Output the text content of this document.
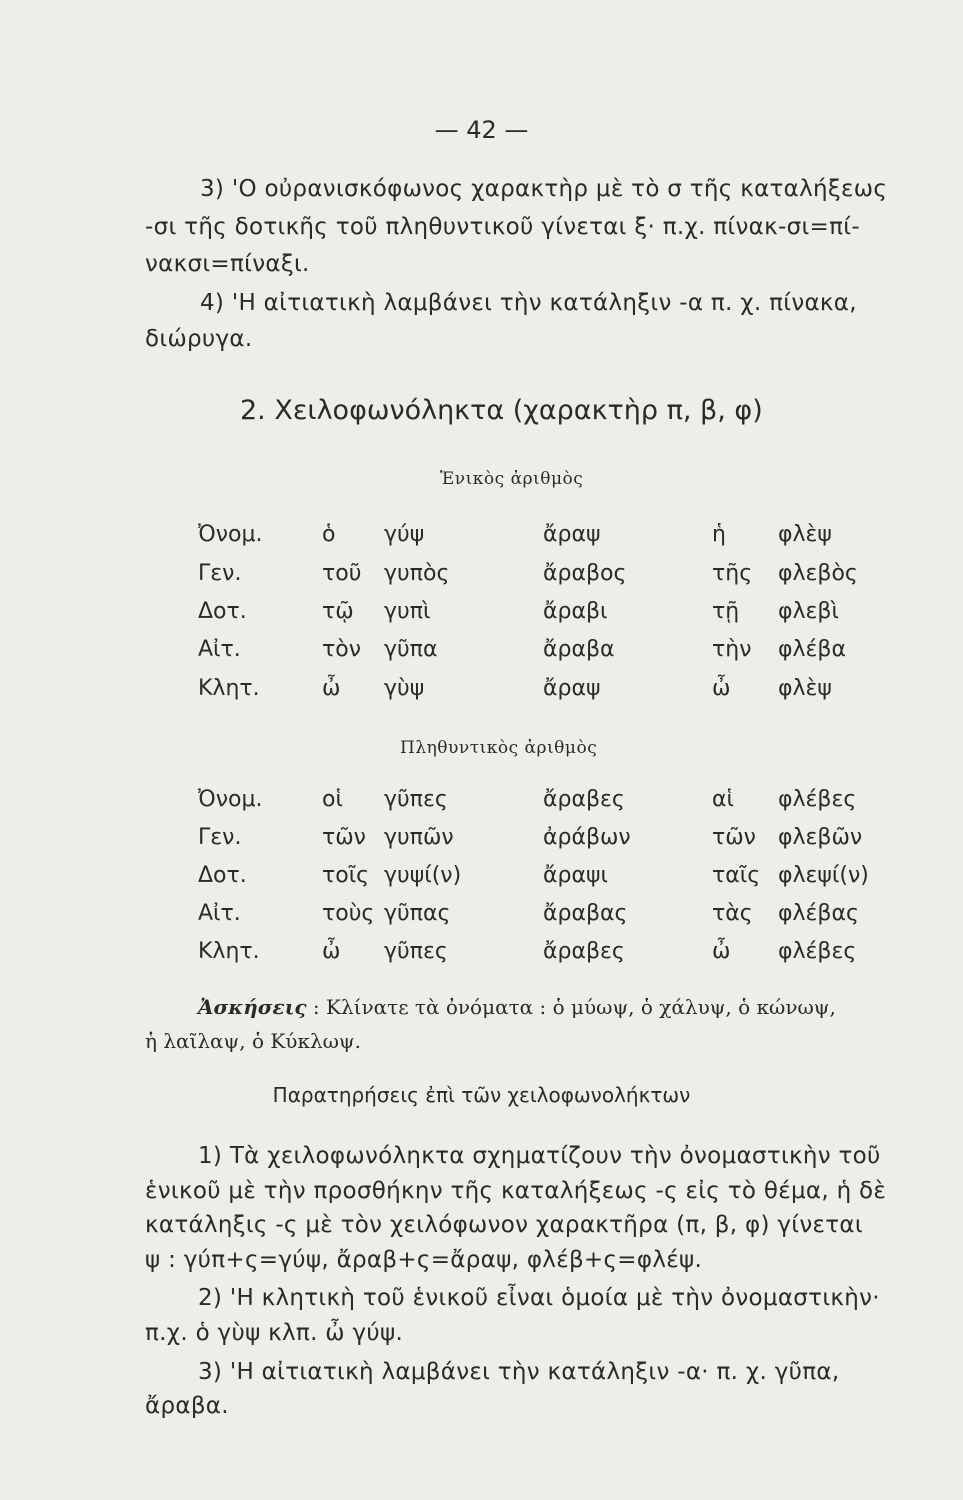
— 42 —
3) 'Ο οὐρανισκόφωνος χαρακτὴρ μὲ τὸ σ τῆς καταλήξεως
-σι τῆς δοτικῆς τοῦ πληθυντικοῦ γίνεται ξ· π.χ. πίνακ-σι=πί-
νακσι=πίναξι.
4) 'Η αἰτιατικὴ λαμβάνει τὴν κατάληξιν -α π. χ. πίνακα,
διώρυγα.
2. Χειλοφωνόληκτα (χαρακτὴρ π, β, φ)
Ἑνικὸς ἀριθμὸς
Ὀνομ.	ὁ γύψ	ἄραψ	ἡ φλὲψ
Γεν.	τοῦ γυπὸς	ἄραβος	τῆς φλεβὸς
Δοτ.	τῷ γυπὶ	ἄραβι	τῇ φλεβὶ
Αἰτ.	τὸν γῦπα	ἄραβα	τὴν φλέβα
Κλητ.	ὦ γὺψ	ἄραψ	ὦ φλὲψ
Πληθυντικὸς ἀριθμὸς
Ὀνομ.	οἱ γῦπες	ἄραβες	αἱ φλέβες
Γεν.	τῶν γυπῶν	ἀράβων	τῶν φλεβῶν
Δοτ.	τοῖς γυψί(ν)	ἄραψι	ταῖς φλεψί(ν)
Αἰτ.	τοὺς γῦπας	ἄραβας	τὰς φλέβας
Κλητ.	ὦ γῦπες	ἄραβες	ὦ φλέβες
Ἀσκήσεις : Κλίνατε τὰ ὀνόματα : ὁ μύωψ, ὁ χάλυψ, ὁ κώνωψ,
ἡ λαῖλαψ, ὁ Κύκλωψ.
Παρατηρήσεις ἐπὶ τῶν χειλοφωνολήκτων
1) Τὰ χειλοφωνόληκτα σχηματίζουν τὴν ὀνομαστικὴν τοῦ
ἑνικοῦ μὲ τὴν προσθήκην τῆς καταλήξεως -ς εἰς τὸ θέμα, ἡ δὲ
κατάληξις -ς μὲ τὸν χειλόφωνον χαρακτῆρα (π, β, φ) γίνεται
ψ : γύπ+ς=γύψ, ἄραβ+ς=ἄραψ, φλέβ+ς=φλέψ.
2) 'Η κλητικὴ τοῦ ἑνικοῦ εἶναι ὁμοία μὲ τὴν ὀνομαστικὴν·
π.χ. ὁ γὺψ κλπ. ὦ γύψ.
3) 'Η αἰτιατικὴ λαμβάνει τὴν κατάληξιν -α· π. χ. γῦπα,
ἄραβα.
